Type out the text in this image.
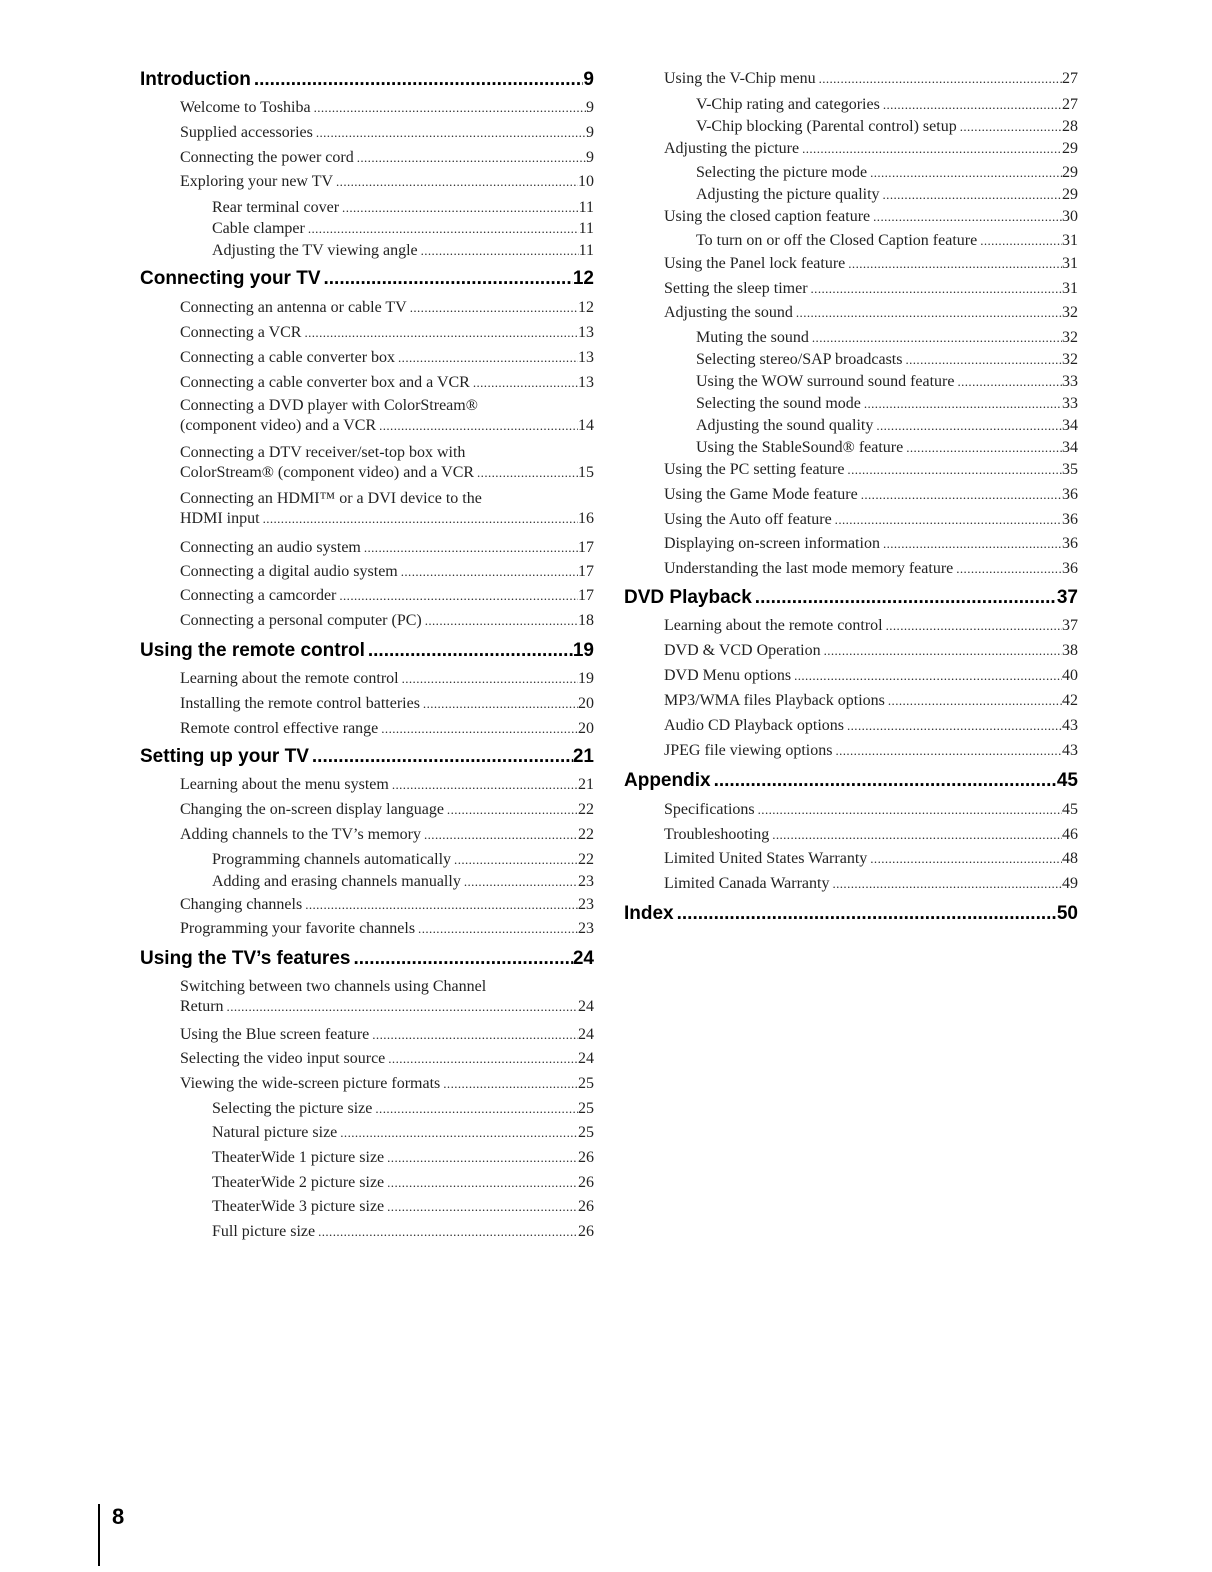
Introduction .....	9
Welcome to Toshiba .....	9
Supplied accessories .....	9
Connecting the power cord .....	9
Exploring your new TV .....	10
Rear terminal cover .....	11
Cable clamper .....	11
Adjusting the TV viewing angle .....	11
Connecting your TV .....	12
Connecting an antenna or cable TV .....	12
Connecting a VCR .....	13
Connecting a cable converter box .....	13
Connecting a cable converter box and a VCR .....	13
Connecting a DVD player with ColorStream®
(component video) and a VCR .....	14
Connecting a DTV receiver/set-top box with
ColorStream® (component video) and a VCR .....	15
Connecting an HDMI™ or a DVI device to the
HDMI input .....	16
Connecting an audio system .....	17
Connecting a digital audio system .....	17
Connecting a camcorder .....	17
Connecting a personal computer (PC) .....	18
Using the remote control .....	19
Learning about the remote control .....	19
Installing the remote control batteries .....	20
Remote control effective range .....	20
Setting up your TV .....	21
Learning about the menu system .....	21
Changing the on-screen display language .....	22
Adding channels to the TV’s memory .....	22
Programming channels automatically .....	22
Adding and erasing channels manually .....	23
Changing channels .....	23
Programming your favorite channels .....	23
Using the TV’s features .....	24
Switching between two channels using Channel
Return .....	24
Using the Blue screen feature .....	24
Selecting the video input source .....	24
Viewing the wide-screen picture formats .....	25
Selecting the picture size .....	25
Natural picture size .....	25
TheaterWide 1 picture size .....	26
TheaterWide 2 picture size .....	26
TheaterWide 3 picture size .....	26
Full picture size .....	26
Using the V-Chip menu .....	27
V-Chip rating and categories .....	27
V-Chip blocking (Parental control) setup .....	28
Adjusting the picture .....	29
Selecting the picture mode .....	29
Adjusting the picture quality .....	29
Using the closed caption feature .....	30
To turn on or off the Closed Caption feature .....	31
Using the Panel lock feature .....	31
Setting the sleep timer .....	31
Adjusting the sound .....	32
Muting the sound .....	32
Selecting stereo/SAP broadcasts .....	32
Using the WOW surround sound feature .....	33
Selecting the sound mode .....	33
Adjusting the sound quality .....	34
Using the StableSound® feature .....	34
Using the PC setting feature .....	35
Using the Game Mode feature .....	36
Using the Auto off feature .....	36
Displaying on-screen information .....	36
Understanding the last mode memory feature .....	36
DVD Playback .....	37
Learning about the remote control .....	37
DVD & VCD Operation .....	38
DVD Menu options .....	40
MP3/WMA files Playback options .....	42
Audio CD Playback options .....	43
JPEG file viewing options .....	43
Appendix .....	45
Specifications .....	45
Troubleshooting .....	46
Limited United States Warranty .....	48
Limited Canada Warranty .....	49
Index .....	50
8
